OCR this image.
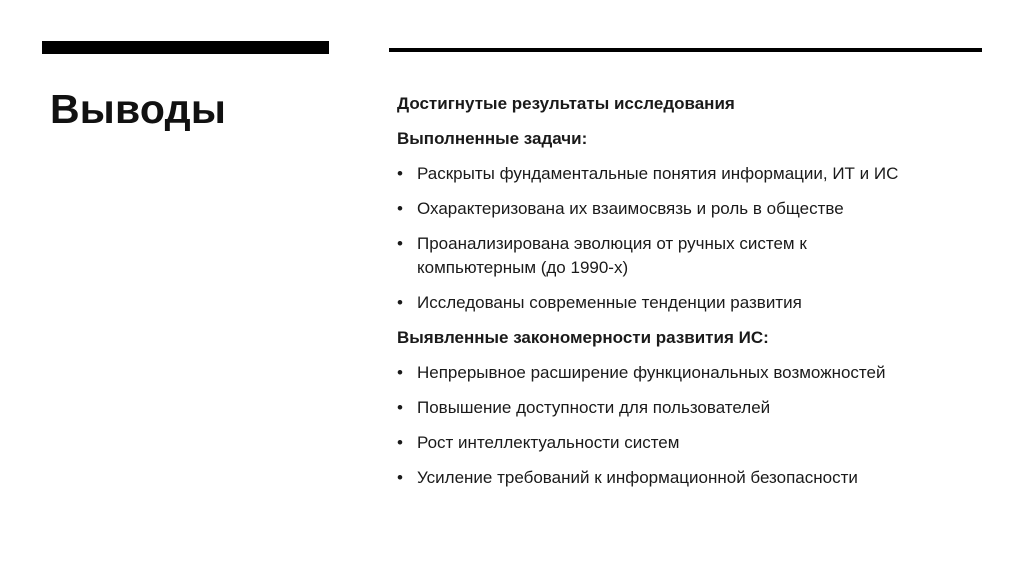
Выводы	Достигнутые результаты исследования
Выполненные задачи:
• Раскрыты фундаментальные понятия информации, ИТ и ИС
• Охарактеризована их взаимосвязь и роль в обществе
• Проанализирована эволюция от ручных систем к компьютерным (до 1990-х)
• Исследованы современные тенденции развития
Выявленные закономерности развития ИС:
• Непрерывное расширение функциональных возможностей
• Повышение доступности для пользователей
• Рост интеллектуальности систем
• Усиление требований к информационной безопасности
